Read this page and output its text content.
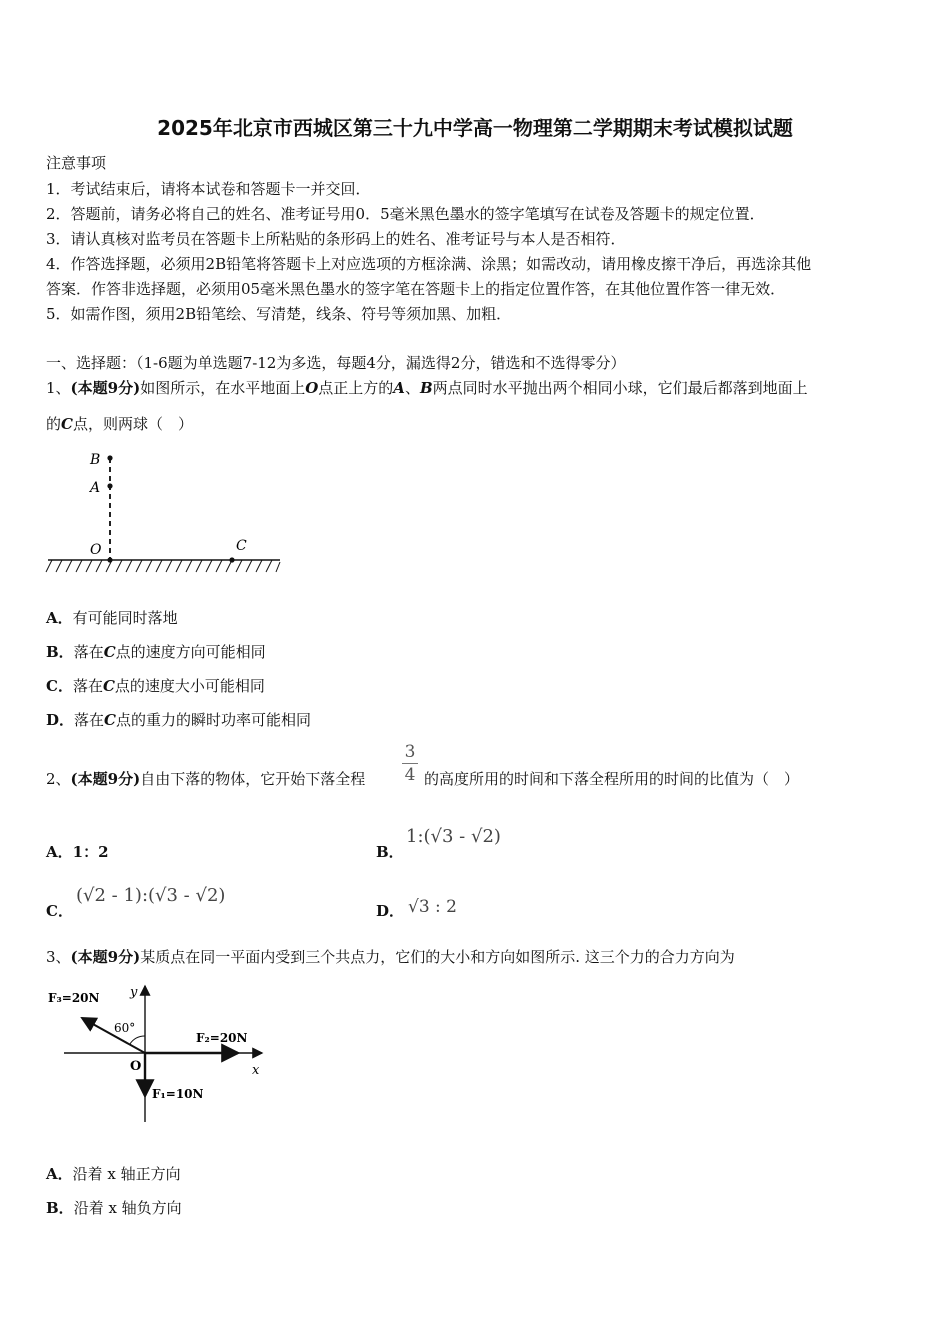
2025年北京市西城区第三十九中学高一物理第二学期期末考试模拟试题
注意事项
1．考试结束后，请将本试卷和答题卡一并交回．
2．答题前，请务必将自己的姓名、准考证号用0．5毫米黑色墨水的签字笔填写在试卷及答题卡的规定位置．
3．请认真核对监考员在答题卡上所粘贴的条形码上的姓名、准考证号与本人是否相符．
4．作答选择题，必须用2B铅笔将答题卡上对应选项的方框涂满、涂黑；如需改动，请用橡皮擦干净后，再选涂其他
答案．作答非选择题，必须用05毫米黑色墨水的签字笔在答题卡上的指定位置作答，在其他位置作答一律无效．
5．如需作图，须用2B铅笔绘、写清楚，线条、符号等须加黑、加粗．
一、选择题：（1-6题为单选题7-12为多选，每题4分，漏选得2分，错选和不选得零分）
1、(本题9分)如图所示，在水平地面上O点正上方的A、B两点同时水平抛出两个相同小球，它们最后都落到地面上
的C点，则两球（　）
B
A
O	C
A．有可能同时落地
B．落在C点的速度方向可能相同
C．落在C点的速度大小可能相同
D．落在C点的重力的瞬时功率可能相同
2、(本题9分)自由下落的物体，它开始下落全程
3
4 的高度所用的时间和下落全程所用的时间的比值为（　）
A．1：2	B．
1:(√3 - √2)
C．
(√2 - 1):(√3 - √2)
D． √3 : 2
3、(本题9分)某质点在同一平面内受到三个共点力，它们的大小和方向如图所示. 这三个力的合力方向为
F₃=20N
F₂=20N
F₁=10N
60°
O	x
y
A．沿着 x 轴正方向
B．沿着 x 轴负方向
